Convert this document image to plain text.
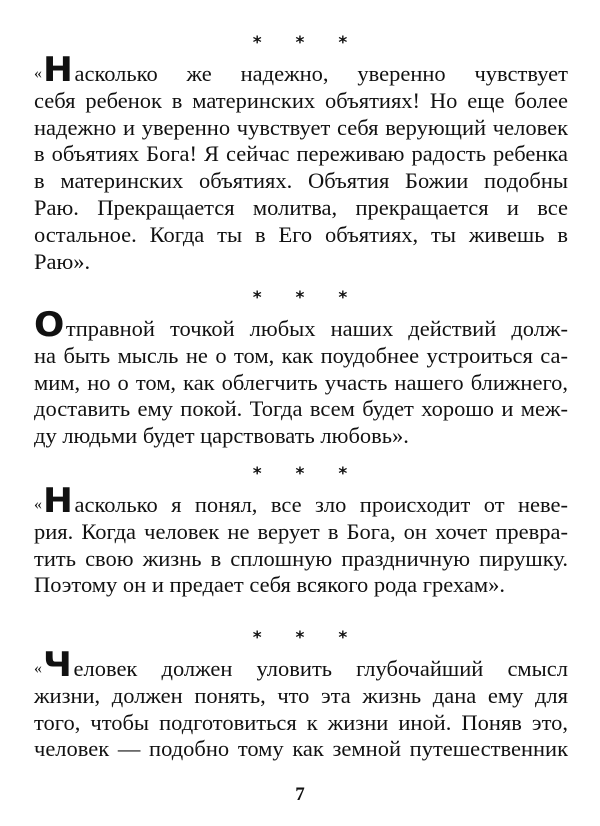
* * *
«Насколько же надежно, уверенно чувствует
себя ребенок в материнских объятиях! Но еще более
надежно и уверенно чувствует себя верующий человек
в объятиях Бога! Я сейчас переживаю радость ребенка
в материнских объятиях. Объятия Божии подобны
Раю. Прекращается молитва, прекращается и все
остальное. Когда ты в Его объятиях, ты живешь в
Раю».
* * *
Отправной точкой любых наших действий долж-
на быть мысль не о том, как поудобнее устроиться са-
мим, но о том, как облегчить участь нашего ближнего,
доставить ему покой. Тогда всем будет хорошо и меж-
ду людьми будет царствовать любовь».
* * *
«Насколько я понял, все зло происходит от неве-
рия. Когда человек не верует в Бога, он хочет превра-
тить свою жизнь в сплошную праздничную пирушку.
Поэтому он и предает себя всякого рода грехам».
* * *
«Человек должен уловить глубочайший смысл
жизни, должен понять, что эта жизнь дана ему для
того, чтобы подготовиться к жизни иной. Поняв это,
человек — подобно тому как земной путешественник
7
